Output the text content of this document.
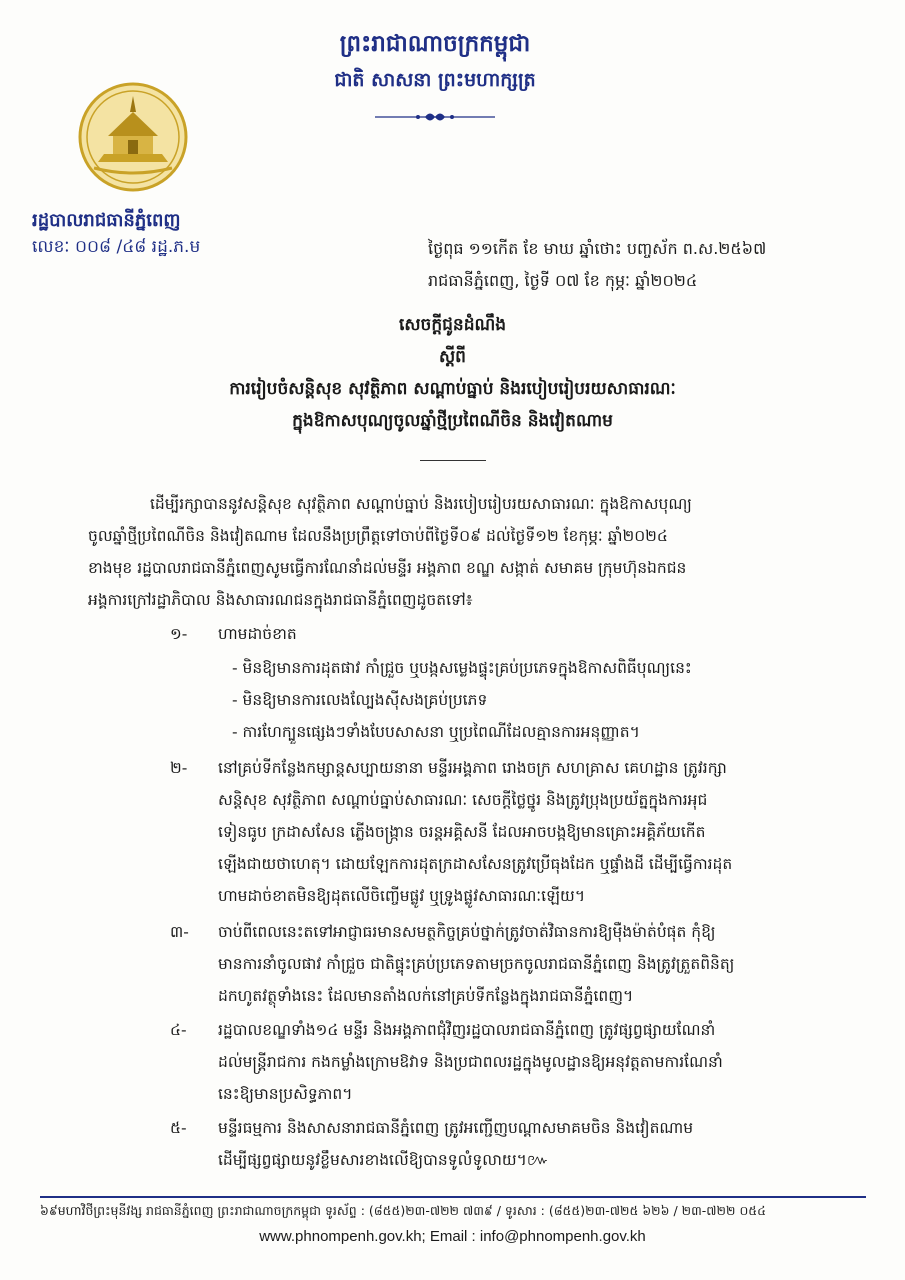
ព្រះរាជាណាចក្រកម្ពុជា
ជាតិ សាសនា ព្រះមហាក្សត្រ
រដ្ឋបាលរាជធានីភ្នំពេញ
លេខៈ ០០៨ /៤៨ រដ្ឋ.ភ.ម	ថ្ងៃពុធ ១១កើត ខែ មាឃ ឆ្នាំថោះ បញ្ចស័ក ព.ស.២៥៦៧
រាជធានីភ្នំពេញ, ថ្ងៃទី ០៧ ខែ កុម្ភៈ ឆ្នាំ២០២៤
សេចក្តីជូនដំណឹង
ស្តីពី
ការរៀបចំសន្តិសុខ សុវត្ថិភាព សណ្តាប់ធ្នាប់ និងរបៀបរៀបរយសាធារណៈ
ក្នុងឱកាសបុណ្យចូលឆ្នាំថ្មីប្រពៃណីចិន និងវៀតណាម
ដើម្បីរក្សាបាននូវសន្តិសុខ សុវត្ថិភាព សណ្តាប់ធ្នាប់ និងរបៀបរៀបរយសាធារណៈ ក្នុងឱកាសបុណ្យ
ចូលឆ្នាំថ្មីប្រពៃណីចិន និងវៀតណាម ដែលនឹងប្រព្រឹត្តទៅចាប់ពីថ្ងៃទី០៩ ដល់ថ្ងៃទី១២ ខែកុម្ភៈ ឆ្នាំ២០២៤
ខាងមុខ រដ្ឋបាលរាជធានីភ្នំពេញសូមធ្វើការណែនាំដល់មន្ទីរ អង្គភាព ខណ្ឌ សង្កាត់ សមាគម ក្រុមហ៊ុនឯកជន
អង្គការក្រៅរដ្ឋាភិបាល និងសាធារណជនក្នុងរាជធានីភ្នំពេញដូចតទៅ៖
១- ហាមដាច់ខាត
- មិនឱ្យមានការដុតផាវ កាំជ្រួច ឬបង្កសម្លេងផ្ទុះគ្រប់ប្រភេទក្នុងឱកាសពិធីបុណ្យនេះ
- មិនឱ្យមានការលេងល្បែងស៊ីសងគ្រប់ប្រភេទ
- ការហែក្បួនផ្សេងៗទាំងបែបសាសនា ឬប្រពៃណីដែលគ្មានការអនុញ្ញាត។
២- នៅគ្រប់ទីកន្លែងកម្សាន្តសប្បាយនានា មន្ទីរអង្គភាព រោងចក្រ សហគ្រាស គេហដ្ឋាន ត្រូវរក្សា
សន្តិសុខ សុវត្ថិភាព សណ្តាប់ធ្នាប់សាធារណៈ សេចក្តីថ្លៃថ្នូរ និងត្រូវប្រុងប្រយ័ត្នក្នុងការអុជ
ទៀនធូប ក្រដាសសែន ភ្លើងចង្ក្រាន ចរន្តអគ្គិសនី ដែលអាចបង្កឱ្យមានគ្រោះអគ្គិភ័យកើត
ឡើងជាយថាហេតុ។ ដោយឡែកការដុតក្រដាសសែនត្រូវប្រើធុងដែក ឬផ្ទាំងដី ដើម្បីធ្វើការដុត
ហាមដាច់ខាតមិនឱ្យដុតលើចិញ្ចើមផ្លូវ ឬទ្រូងផ្លូវសាធារណៈឡើយ។
៣- ចាប់ពីពេលនេះតទៅអាជ្ញាធរមានសមត្ថកិច្ចគ្រប់ថ្នាក់ត្រូវចាត់វិធានការឱ្យម៉ឺងម៉ាត់បំផុត កុំឱ្យ
មានការនាំចូលផាវ កាំជ្រួច ជាតិផ្ទុះគ្រប់ប្រភេទតាមច្រកចូលរាជធានីភ្នំពេញ និងត្រូវត្រួតពិនិត្យ
ដកហូតវត្ថុទាំងនេះ ដែលមានតាំងលក់នៅគ្រប់ទីកន្លែងក្នុងរាជធានីភ្នំពេញ។
៤- រដ្ឋបាលខណ្ឌទាំង១៤ មន្ទីរ និងអង្គភាពជុំវិញរដ្ឋបាលរាជធានីភ្នំពេញ ត្រូវផ្សព្វផ្សាយណែនាំ
ដល់មន្ត្រីរាជការ កងកម្លាំងក្រោមឱវាទ និងប្រជាពលរដ្ឋក្នុងមូលដ្ឋានឱ្យអនុវត្តតាមការណែនាំ
នេះឱ្យមានប្រសិទ្ធភាព។
៥- មន្ទីរធម្មការ និងសាសនារាជធានីភ្នំពេញ ត្រូវអញ្ជើញបណ្តាសមាគមចិន និងវៀតណាម
ដើម្បីផ្សព្វផ្សាយនូវខ្លឹមសារខាងលើឱ្យបានទូលំទូលាយ។៚
៦៩មហាវិថីព្រះមុនីវង្ស រាជធានីភ្នំពេញ ព្រះរាជាណាចក្រកម្ពុជា ទូរស័ព្ទ : (៨៥៥)២៣-៧២២ ៧៣៩ / ទូរសារ : (៨៥៥)២៣-៧២៥ ៦២៦ / ២៣-៧២២ ០៥៤
www.phnompenh.gov.kh; Email : info@phnompenh.gov.kh
